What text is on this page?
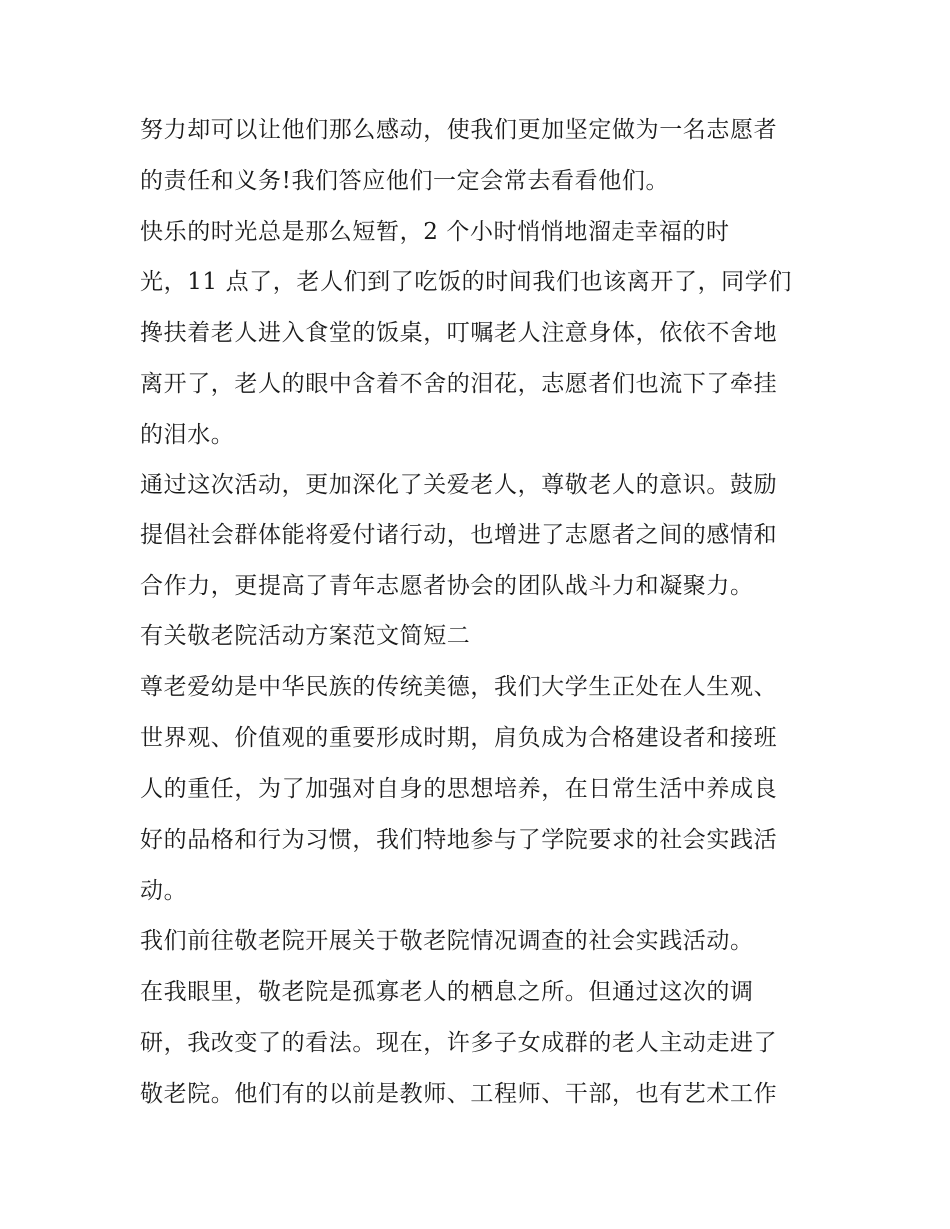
努力却可以让他们那么感动，使我们更加坚定做为一名志愿者
的责任和义务!我们答应他们一定会常去看看他们。
快乐的时光总是那么短暂，2 个小时悄悄地溜走幸福的时
光，11 点了，老人们到了吃饭的时间我们也该离开了，同学们
搀扶着老人进入食堂的饭桌，叮嘱老人注意身体，依依不舍地
离开了，老人的眼中含着不舍的泪花，志愿者们也流下了牵挂
的泪水。
通过这次活动，更加深化了关爱老人，尊敬老人的意识。鼓励
提倡社会群体能将爱付诸行动，也增进了志愿者之间的感情和
合作力，更提高了青年志愿者协会的团队战斗力和凝聚力。
有关敬老院活动方案范文简短二
尊老爱幼是中华民族的传统美德，我们大学生正处在人生观、
世界观、价值观的重要形成时期，肩负成为合格建设者和接班
人的重任，为了加强对自身的思想培养，在日常生活中养成良
好的品格和行为习惯，我们特地参与了学院要求的社会实践活
动。
我们前往敬老院开展关于敬老院情况调查的社会实践活动。
在我眼里，敬老院是孤寡老人的栖息之所。但通过这次的调
研，我改变了的看法。现在，许多子女成群的老人主动走进了
敬老院。他们有的以前是教师、工程师、干部，也有艺术工作
